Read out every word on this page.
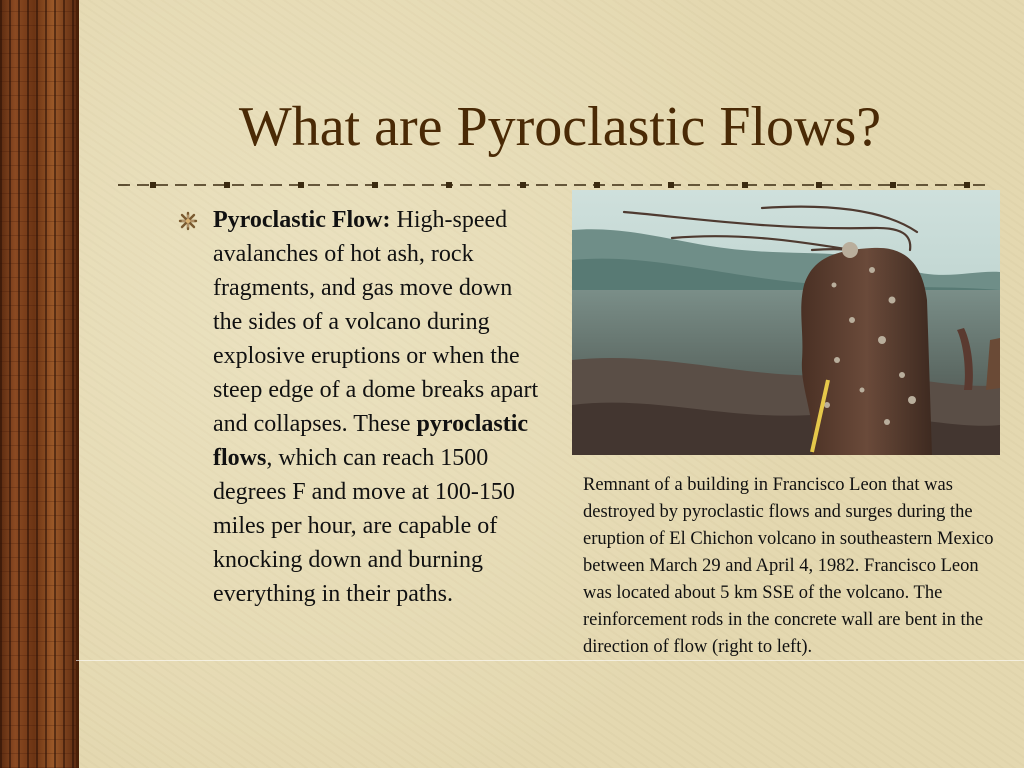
What are Pyroclastic Flows?
Pyroclastic Flow: High-speed avalanches of hot ash, rock fragments, and gas move down the sides of a volcano during explosive eruptions or when the steep edge of a dome breaks apart and collapses. These pyroclastic flows, which can reach 1500 degrees F and move at 100-150 miles per hour, are capable of knocking down and burning everything in their paths.

Remnant of a building in Francisco Leon that was destroyed by pyroclastic flows and surges during the eruption of El Chichon volcano in southeastern Mexico between March 29 and April 4, 1982. Francisco Leon was located about 5 km SSE of the volcano. The reinforcement rods in the concrete wall are bent in the direction of flow (right to left).
